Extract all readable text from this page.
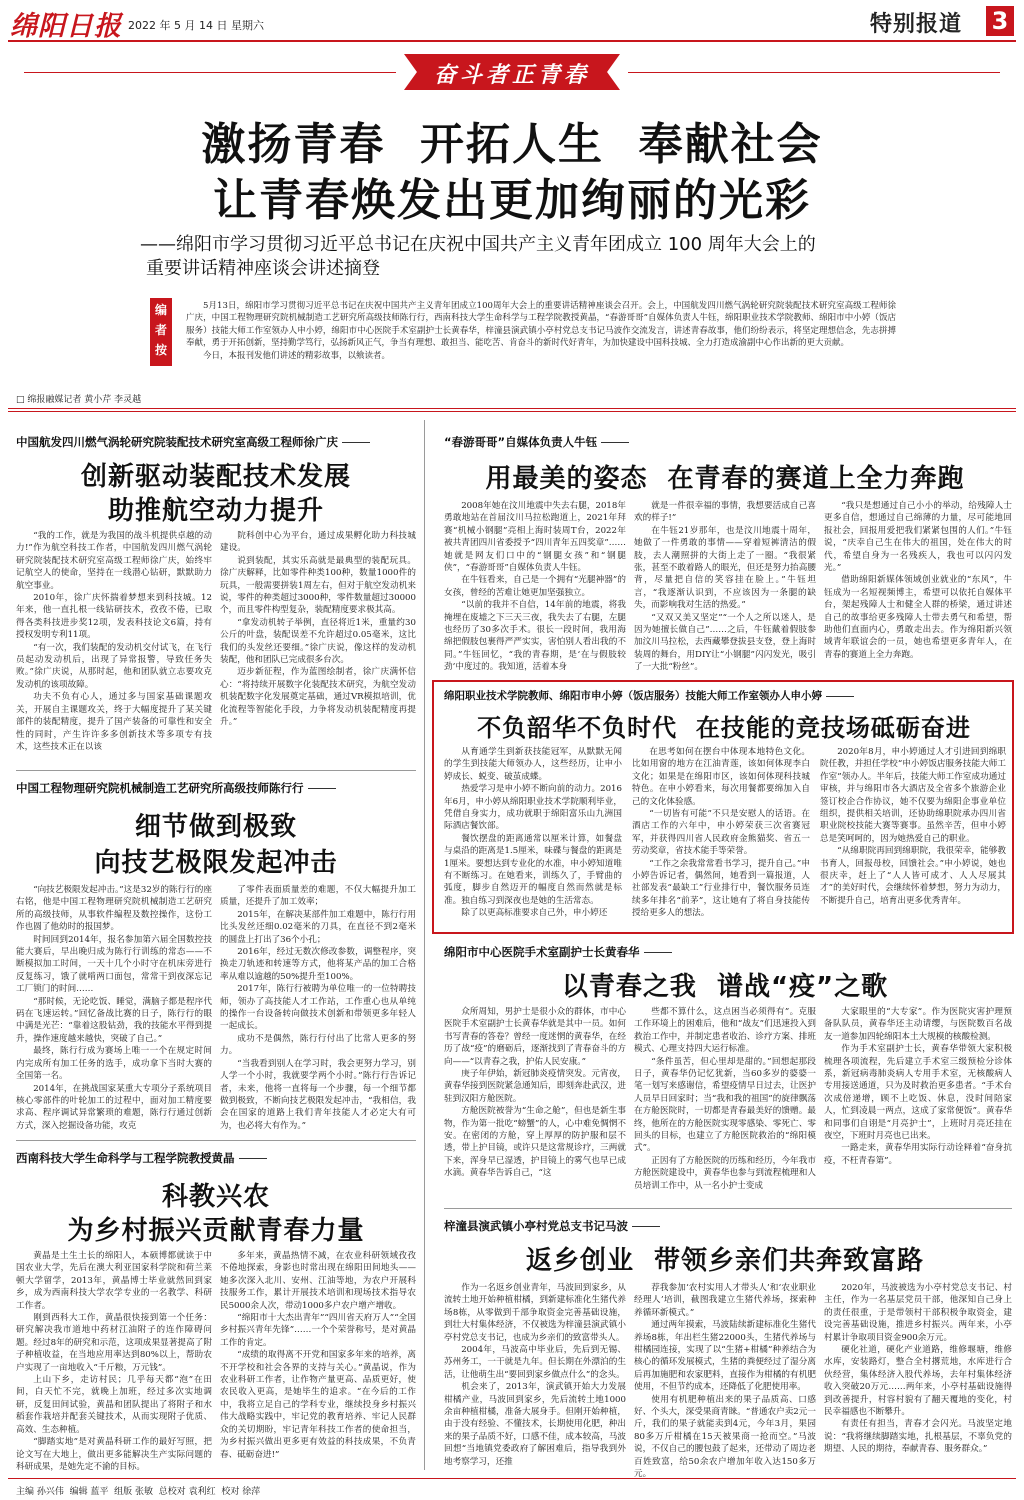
绵阳日报 2022 年 5 月 14 日 星期六	特别报道 3
奋斗者正青春
激扬青春  开拓人生  奉献社会
让青春焕发出更加绚丽的光彩
——绵阳市学习贯彻习近平总书记在庆祝中国共产主义青年团成立 100 周年大会上的
重要讲话精神座谈会讲述摘登
编者按

5月13日，绵阳市学习贯彻习近平总书记在庆祝中国共产主义青年团成立100周年大会上的重要讲话精神座谈会召开。会上，中国航发四川燃气涡轮研究院装配技术研究室高级工程师徐广庆，中国工程物理研究院机械制造工艺研究所高级技师陈行行，西南科技大学生命科学与工程学院教授黄晶，“春游哥哥”自媒体负责人牛钰，绵阳职业技术学院教师、绵阳市中小婷（饭店服务）技能大师工作室领办人申小婷，绵阳市中心医院手术室副护士长黄春华，梓潼县演武镇小亭村党总支书记马波作交流发言，讲述青春故事，他们纷纷表示，将坚定理想信念，先志拼搏奉献，勇于开拓创新，坚持勤学笃行，弘扬新风正气，争当有理想、敢担当、能吃苦、肯奋斗的新时代好青年，为加快建设中国科技城、全力打造成渝副中心作出新的更大贡献。

今日，本报刊发他们讲述的精彩故事，以飨读者。

□ 绵报融媒记者 黄小芹 李灵越
中国航发四川燃气涡轮研究院装配技术研究室高级工程师徐广庆
创新驱动装配技术发展
助推航空动力提升

“我的工作，就是为我国的战斗机提供卓越的动力!”作为航空科技工作者，中国航发四川燃气涡轮研究院装配技术研究室高级工程师徐广庆，始终牢记航空人的使命，坚持在一线潜心钻研，默默助力航空事业。

2010年，徐广庆怀揣着梦想来到科技城。12年来，他一直扎根一线钻研技术，孜孜不倦，已取得各类科技进步奖12项，发表科技论文6篇，持有授权发明专利11项。

“有一次，我们装配的发动机交付试飞，在飞行员起动发动机后，出现了异常报警，导致任务失败。”徐广庆说，从那时起，他和团队就立志要攻克发动机的该项故障。

功夫不负有心人，通过多与国家基础课题攻关，开展自主课题攻关，终于大幅度提升了某关键部件的装配精度，提升了国产装备的可靠性和安全性的同时，产生许许多多创新技术等多项专有技术，这些技术正在以该

院科创中心为平台，通过成果孵化助力科技城建设。

说到装配，其实乐高就是最典型的装配玩具。徐广庆解释，比如零件种类100种，数量1000件的玩具，一般需要拼装1周左右，但对于航空发动机来说，零件的种类超过3000种，零件数量超过30000个，而且零件构型复杂，装配精度要求极其高。

“拿发动机转子举例，直径将近1米，重量约30公斤的叶盘，装配误差不允许超过0.05毫米，这比我们的头发丝还要细。”徐广庆说，像这样的发动机装配，他和团队已完成很多台次。

迈步新征程，作为蓝图绘制者，徐广庆满怀信心：“将持续开展数字化装配技术研究，为航空发动机装配数字化发展奠定基础，通过VR模拟培训，优化流程等智能化手段，力争将发动机装配精度再提升。”

“春游哥哥”自媒体负责人牛钰
用最美的姿态  在青春的赛道上全力奔跑

2008年她在汶川地震中失去右腿，2018年勇敢地站在首届汶川马拉松跑道上，2021年拜赛“机械小钢腿”亮相上海时装周T台，2022年被共青团四川省委授予“四川青年五四奖章”……她就是网友们口中的“钢腿女孩”和“钢腿侠”，“春游哥哥”自媒体负责人牛钰。

在牛钰看来，自己是一个拥有“光腿神器”的女孩，曾经的苦难让她更加坚强独立。

“以前的我并不自信，14年前的地震，将我掩埋在废墟之下三天三夜，我失去了右腿，左腿也经历了30多次手术。很长一段时间，我用海绵把假肢包裹得严严实实，害怕别人看出我的不同。”牛钰回忆，“我的青春期，是‘在与假肢较劲’中度过的。我知道，活着本身

就是一件很幸福的事情，我想要活成自己喜欢的样子!”

在牛钰21岁那年，也是汶川地震十周年，她做了一件勇敢的事情——穿着短裤清洁的假肢，去人潮照拼的大街上走了一圈。“我很紧张，甚至不敢着路人的眼光，但还是努力抬高腰背，尽量把自信的笑容挂在脸上。”牛钰坦言，“我逐渐认识到，不应该因为一条腿的缺失，而影响我对生活的热爱。”

“又双又美又坚定”“一个人之所以迷人，是因为她擅长做自己”……之后，牛钰戴着假肢参加汶川马拉松，去西藏攀登拔县支登，登上海时装周的舞台，用DIY让“小钢腿”闪闪发光，吸引了一大批“粉丝”。

“我只是想通过自己小小的举动，给残障人士更多自信，想通过自己绵薄的力量，尽可能地回报社会，回报用爱把我们紧紧包围的人们。”牛钰说，“庆幸自己生在伟大的祖国，处在伟大的时代，希望自身为一名残疾人，我也可以闪闪发光。”

借助绵阳新媒体领域创业就业的“东风”，牛钰成为一名短视频博主，希望可以依托自媒体平台，架起残障人士和健全人群的桥梁，通过讲述自己的故事给更多残障人士带去勇气和希望，帮助他们直面内心，勇敢走出去。作为绵阳新兴领域青年联谊会的一员，她也希望更多青年人，在青春的赛道上全力奔跑。

绵阳职业技术学院教师、绵阳市申小婷（饭店服务）技能大师工作室领办人申小婷
不负韶华不负时代  在技能的竞技场砥砺奋进

从育通学生到新获技能冠军，从默默无闻的学生到技能大师领办人，这些经历，让申小婷成长、蜕变、破茧成蝶。

热爱学习是申小婷不断向前的动力。2016年6月，申小婷从绵阳职业技术学院顺利毕业，凭借自身实力，成功就职于绵阳富乐山九洲国际酒店餐饮部。

餐饮摆盘的距离通常以厘米计算，如餐盘与桌沿的距离是1.5厘米，味碟与餐盘的距离是1厘米。要想达到专业化的水准，申小婷知道唯有不断练习。在她看来，训练久了，手臂曲的弧度，脚步自然迈开的幅度自然而然就是标准。独自练习到深夜也是她的生活常态。

除了以更高标准要求自己外，申小婷还

在思考如何在摆台中体现本地特色文化。比如用窗的地方在江油青莲，该如何体现李白文化；如果是在绵阳市区，该如何体现科技城特色。在申小婷看来，每次用餐都要绵加入自己的文化体验感。

“一切皆有可能”不只是安慰人的话语。在酒店工作的六年中，申小婷荣获三次省赛冠军，并获得四川省人民政府金熊猫奖、省五一劳动奖章，省技术能手等荣誉。

“工作之余我常常看书学习，提升自己。”申小婷告诉记者，偶然间，她看到一篇报道，人社部发表“最缺工”行业排行中，餐饮服务员连续多年排名“前茅”，这让她有了将自身技能传授给更多人的想法。

2020年8月，申小婷通过人才引进回到绵职院任教，并担任学校“申小婷饭店服务技能大师工作室”领办人。半年后，技能大师工作室成功通过审核，并与绵阳市各大酒店及全省多个旅游企业签订校企合作协议，她不仅要为绵阳企事业单位组织，提供相关培训，还协助绵职院承办四川省职业院校技能大赛等赛事。虽然辛苦，但申小婷总是笑呵呵的，因为她热爱自己的职业。

“从绵职院再回到绵职院，我很荣幸，能够教书育人，回报母校，回馈社会。”申小婷说，她也很庆幸，赶上了“人人皆可成才、人人尽展其才”的美好时代，会继续怀着梦想，努力为动力，不断提升自己，培育出更多优秀青年。

中国工程物理研究院机械制造工艺研究所高级技师陈行行
细节做到极致
向技艺极限发起冲击

“向技艺极限发起冲击。”这是32岁的陈行行的座右铭，他是中国工程物理研究院机械制造工艺研究所的高级技师，从事软件编程及数控操作，这份工作也圆了他幼时的报国梦。

时间回到2014年，报名参加第六届全国数控技能大赛后，早出晚归成为陈行行训练的常态——不断模拟加工时间，一天十几个小时守在机床旁进行反复练习，饿了就啃两口面包，常常干到夜深忘记工厂锁门的时间……

“那时候，无论吃饭、睡觉，满脑子都是程序代码在飞速运转。”回忆备战比赛的日子，陈行行的眼中满是光芒：“靠着这股钻劲，我的技能水平得到提升，操作速度越来越快，突破了自己。”

最终，陈行行成为赛场上唯一一个在规定时间内完成所有加工任务的选手，成功拿下当时大赛的全国第一名。

2014年，在挑战国家某重大专项分子系统项目核心零部件的叶轮加工的过程中，面对加工精度要求高、程序调试异常繁琐的难题，陈行行通过创新方式，深入挖掘设备功能，攻克

了零件表面质量差的难题，不仅大幅提升加工质量，还提升了加工效率；

2015年，在解决某部件加工难题中，陈行行用比头发丝还细0.02毫米的刀具，在直径不到2毫米的圆盘上打出了36个小孔；

2016年，经过无数次修改参数，调整程序，突换走刀轨迹和转速等方式，他将某产品的加工合格率从难以逾越的50%提升至100%。

2017年，陈行行被聘为单位唯一的一位特聘技师，领办了高技能人才工作站，工作重心也从单纯的操作一台设备转向做技术创新和带领更多年轻人一起成长。

成功不是偶然，陈行行付出了比常人更多的努力。

“当我看到别人在学习时，我会更努力学习，别人学一个小时，我就要学两个小时。”陈行行告诉记者，未来，他将一直将每一个步骤，每一个细节都做到极致，不断向技艺极限发起冲击，“我相信，我会在国家的道路上我们青年技能人才必定大有可为，也必将大有作为。”

绵阳市中心医院手术室副护士长黄春华
以青春之我  谱战“疫”之歌

众所周知，男护士是很小众的群体，市中心医院手术室副护士长黄春华就是其中一员。如何书写青春的答卷？曾经一度迷惘的黄春华，在经历了战“疫”的磨砺后，逐渐找到了青春奋斗的方向——“以青春之我，护佑人民安康。”

庚子年伊始，新冠肺炎疫情突发。元宵夜，黄春华接到医院紧急通知后，即刻奔赴武汉，进驻到汉阳方舱医院。

方舱医院被誉为“生命之舱”，但也是新生事物，作为第一批吃“螃蟹”的人，心中难免惆惘不安。在密闭的方舱，穿上厚厚的防护服和层不透，带上护目镜，或许只是这常规诊疗，三两就下来，浑身早已湿透，护目镜上的雾气也早已成水滴。黄春华告诉自己，“这

些都不算什么，这点困当必须得有”。克服工作环境上的困难后，他和“战友”们迅速投入到救治工作中，并制定患者收治、诊疗方案、排班模式、心理支持四大运行标准。

“条件虽苦，但心里却是甜的。”回想起那段日子，黄春华仍记忆犹新，当60多岁的婆婆一笔一划写来感谢信，希望疫情早日过去，让医护人员早日回家时；当“我和我的祖国”的旋律飘荡在方舱医院时，一切都是青春最美好的馈赠。最终，他所在的方舱医院实现零感染、零死亡、零回头的目标，也建立了方舱医院救治的“绵阳模式”。

正因有了方舱医院的历练和经历，今年我市方舱医院建设中，黄春华也参与到流程梳理和人员培训工作中，从一名小护士变成

大家眼里的“大专家”。作为医院灾害护理预备队队员，黄春华还主动请缨，与医院数百名战友一道参加四轮绵阳本土大规模的核酸检测。

作为手术室副护士长，黄春华带领大家积极梳理各项流程，先后建立手术室三级预检分诊体系，新冠病毒肺炎病人专用手术室，无核酸病人专用接送通道，只为及时救治更多患者。“手术台次成倍递增，顾不上吃饭、休息，没时间陪家人，忙到凌晨一两点，这成了家常便饭”。黄春华和同事们自诩是“月亮护士”，上班时月亮还挂在夜空，下班时月亮也已出来。

一路走来，黄春华用实际行动诠释着“奋身抗疫，不枉青春第”。

西南科技大学生命科学与工程学院教授黄晶
科教兴农
为乡村振兴贡献青春力量

黄晶是土生土长的绵阳人，本硕博都就读于中国农业大学，先后在澳大利亚国家科学院和荷兰莱顿大学留学，2013年，黄晶博士毕业就然回到家乡，成为西南科技大学农学专业的一名教学、科研工作者。

刚到西科大工作，黄晶很快接到第一个任务：研究解决我市道地中药材江油附子的连作障碍问题。经过8年的研究和示范，这项成果显著提高了附子种植收益，在当地应用率达到80%以上，帮助农户实现了一亩地收入“千斤粮，万元钱”。

上山下乡，走访村民；几乎每天都“泡”在田间，白天忙不完，就晚上加班，经过多次实地调研，反复田间试验，黄晶和团队提出了将附子和水稻套作栽培并配套关键技术，从而实现附子优质、高效、生态种植。

“脚踏实地”是对黄晶科研工作的最好写照，把论文写在大地上，做出更多能解决生产实际问题的科研成果，是她先定不渝的目标。

多年来，黄晶热情不减，在农业科研领域孜孜不倦地探索，身影也时常出现在绵阳田间地头——她多次深入北川、安州、江油等地，为农户开展科技服务工作，累计开展技术培训和现场技术指导农民5000余人次，带动1000多户农户增产增收。

“绵阳市十大杰出青年”“四川省天府万人”“全国乡村振兴青年先锋”……一个个荣誉称号，是对黄晶工作的肯定。

“成绩的取得离不开党和国家多年来的培养，离不开学校和社会各界的支持与关心。”黄晶说，作为农业科研工作者，让作物产量更高、品质更好，使农民收入更高，是她毕生的追求。“在今后的工作中，我将立足自己的学科专业，继续投身乡村振兴伟大战略实践中，牢记党的教育培养、牢记人民群众的关切期盼，牢记青年科技工作者的使命担当，为乡村振兴做出更多更有效益的科技成果，不负青春、砥砺奋进!”

梓潼县演武镇小亭村党总支书记马波
返乡创业  带领乡亲们共奔致富路

作为一名返乡创业青年，马波回到家乡，从流转土地开始种植柑橘，到新建标准化生猪代养场8栋，从零做到千部争取资金完善基础设施，到壮大村集体经济，不仅被选为梓潼县演武镇小亭村党总支书记，也成为乡亲们的致富带头人。

2004年，马波高中毕业后，先后到无锡、苏州务工，一干就是九年。但长期在外漂泊的生活，让他萌生出“要回到家乡做点什么”的念头。

机会来了，2013年，演武镇开始大力发展柑橘产业，马波回到家乡，先后流转土地1000余亩种植柑橘，准备大展身手。但刚开始种植，由于没有经验、不懂技术，长期使用化肥，种出来的果子品质不好，口感不佳，成本较高，马波回想“当地镇党委政府了解困难后，指导我到外地考察学习，还推

荐我参加‘农村实用人才带头人’和‘农业职业经理人’培训，截图我建立生猪代养场，探索种养循环新模式。”

通过两年摸索，马波陆续新建标准化生猪代养场8栋，年出栏生猪22000头，生猪代养场与柑橘园连接，实现了以“生猪+柑橘”种养结合为核心的循环发展模式，生猪的粪便经过了湿分离后再加施肥和农家肥料，直接作为柑橘的有机肥使用，不但节约成本，还降低了化肥使用率。

使用有机肥种植出来的果子品质高、口感好、个头大，深受果商青睐。“普通农户卖2元一斤，我们的果子就能卖到4元，今年3月，果园80多万斤柑橘在15天被果商一抢而空。”马波说，不仅自己的腰包鼓了起来，还带动了周边老百姓致富，给50余农户增加年收入达150多万元。

2020年，马波被选为小亭村党总支书记、村主任，作为一名基层党员干部，他深知自己身上的责任很重，于是带领村干部积极争取资金，建设完善基础设施，推进乡村振兴。两年来，小亭村累计争取项目资金900余万元。

硬化社道，硬化产业道路，维修堰塘，维修水库，安装路灯，整合全村撂荒地，水库进行合伙经营，集体经济入股代养场，去年村集体经济收入突破20万元……两年来，小亭村基础设施得到改善提升，村容村貌有了翻天覆地的变化，村民幸福感也不断攀升。

有责任有担当，青春才会闪光。马波坚定地说：“我将继续脚踏实地，扎根基层，不辜负党的期望、人民的期待，奉献青春、服务群众。”

主编 孙兴伟  编辑 蓝平  组版 张敏  总校对 袁利红  校对 徐萍
